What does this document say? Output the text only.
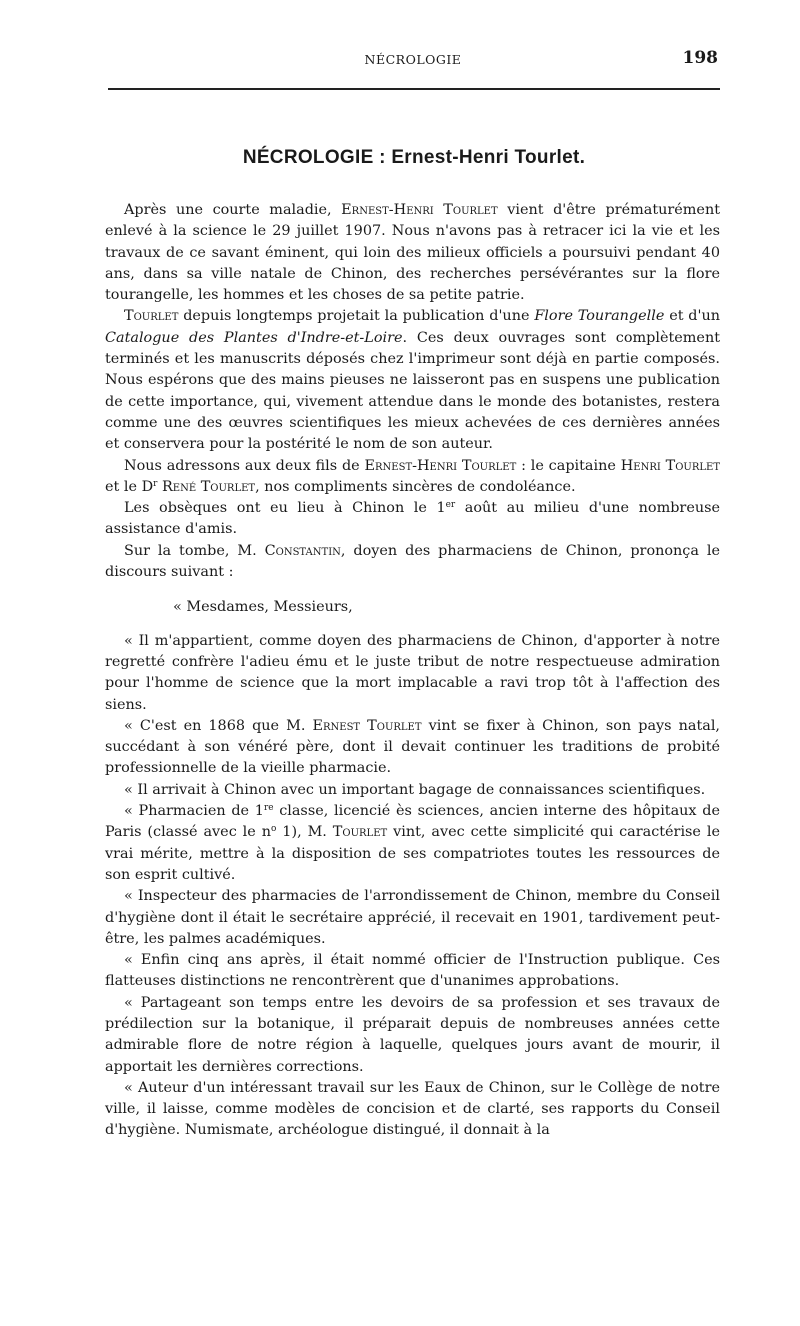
NÉCROLOGIE	198
NÉCROLOGIE : Ernest-Henri Tourlet.

Après une courte maladie, Ernest-Henri Tourlet vient d'être prématurément enlevé à la science le 29 juillet 1907. Nous n'avons pas à retracer ici la vie et les travaux de ce savant éminent, qui loin des milieux officiels a poursuivi pendant 40 ans, dans sa ville natale de Chinon, des recherches persévérantes sur la flore tourangelle, les hommes et les choses de sa petite patrie.

Tourlet depuis longtemps projetait la publication d'une Flore Tourangelle et d'un Catalogue des Plantes d'Indre-et-Loire. Ces deux ouvrages sont complètement terminés et les manuscrits déposés chez l'imprimeur sont déjà en partie composés. Nous espérons que des mains pieuses ne laisseront pas en suspens une publication de cette importance, qui, vivement attendue dans le monde des botanistes, restera comme une des œuvres scientifiques les mieux achevées de ces dernières années et conservera pour la postérité le nom de son auteur.

Nous adressons aux deux fils de Ernest-Henri Tourlet : le capitaine Henri Tourlet et le $D^r$ René Tourlet, nos compliments sincères de condoléance.

Les obsèques ont eu lieu à Chinon le 1er août au milieu d'une nombreuse assistance d'amis.

Sur la tombe, M. Constantin, doyen des pharmaciens de Chinon, prononça le discours suivant :

« Mesdames, Messieurs,

« Il m'appartient, comme doyen des pharmaciens de Chinon, d'apporter à notre regretté confrère l'adieu ému et le juste tribut de notre respectueuse admiration pour l'homme de science que la mort implacable a ravi trop tôt à l'affection des siens.

« C'est en 1868 que M. Ernest Tourlet vint se fixer à Chinon, son pays natal, succédant à son vénéré père, dont il devait continuer les traditions de probité professionnelle de la vieille pharmacie.

« Il arrivait à Chinon avec un important bagage de connaissances scientifiques.

« Pharmacien de 1re classe, licencié ès sciences, ancien interne des hôpitaux de Paris (classé avec le $n^o$ 1), M. Tourlet vint, avec cette simplicité qui caractérise le vrai mérite, mettre à la disposition de ses compatriotes toutes les ressources de son esprit cultivé.

« Inspecteur des pharmacies de l'arrondissement de Chinon, membre du Conseil d'hygiène dont il était le secrétaire apprécié, il recevait en 1901, tardivement peut-être, les palmes académiques.

« Enfin cinq ans après, il était nommé officier de l'Instruction publique. Ces flatteuses distinctions ne rencontrèrent que d'unanimes approbations.

« Partageant son temps entre les devoirs de sa profession et ses travaux de prédilection sur la botanique, il préparait depuis de nombreuses années cette admirable flore de notre région à laquelle, quelques jours avant de mourir, il apportait les dernières corrections.

« Auteur d'un intéressant travail sur les Eaux de Chinon, sur le Collège de notre ville, il laisse, comme modèles de concision et de clarté, ses rapports du Conseil d'hygiène. Numismate, archéologue distingué, il donnait à la
